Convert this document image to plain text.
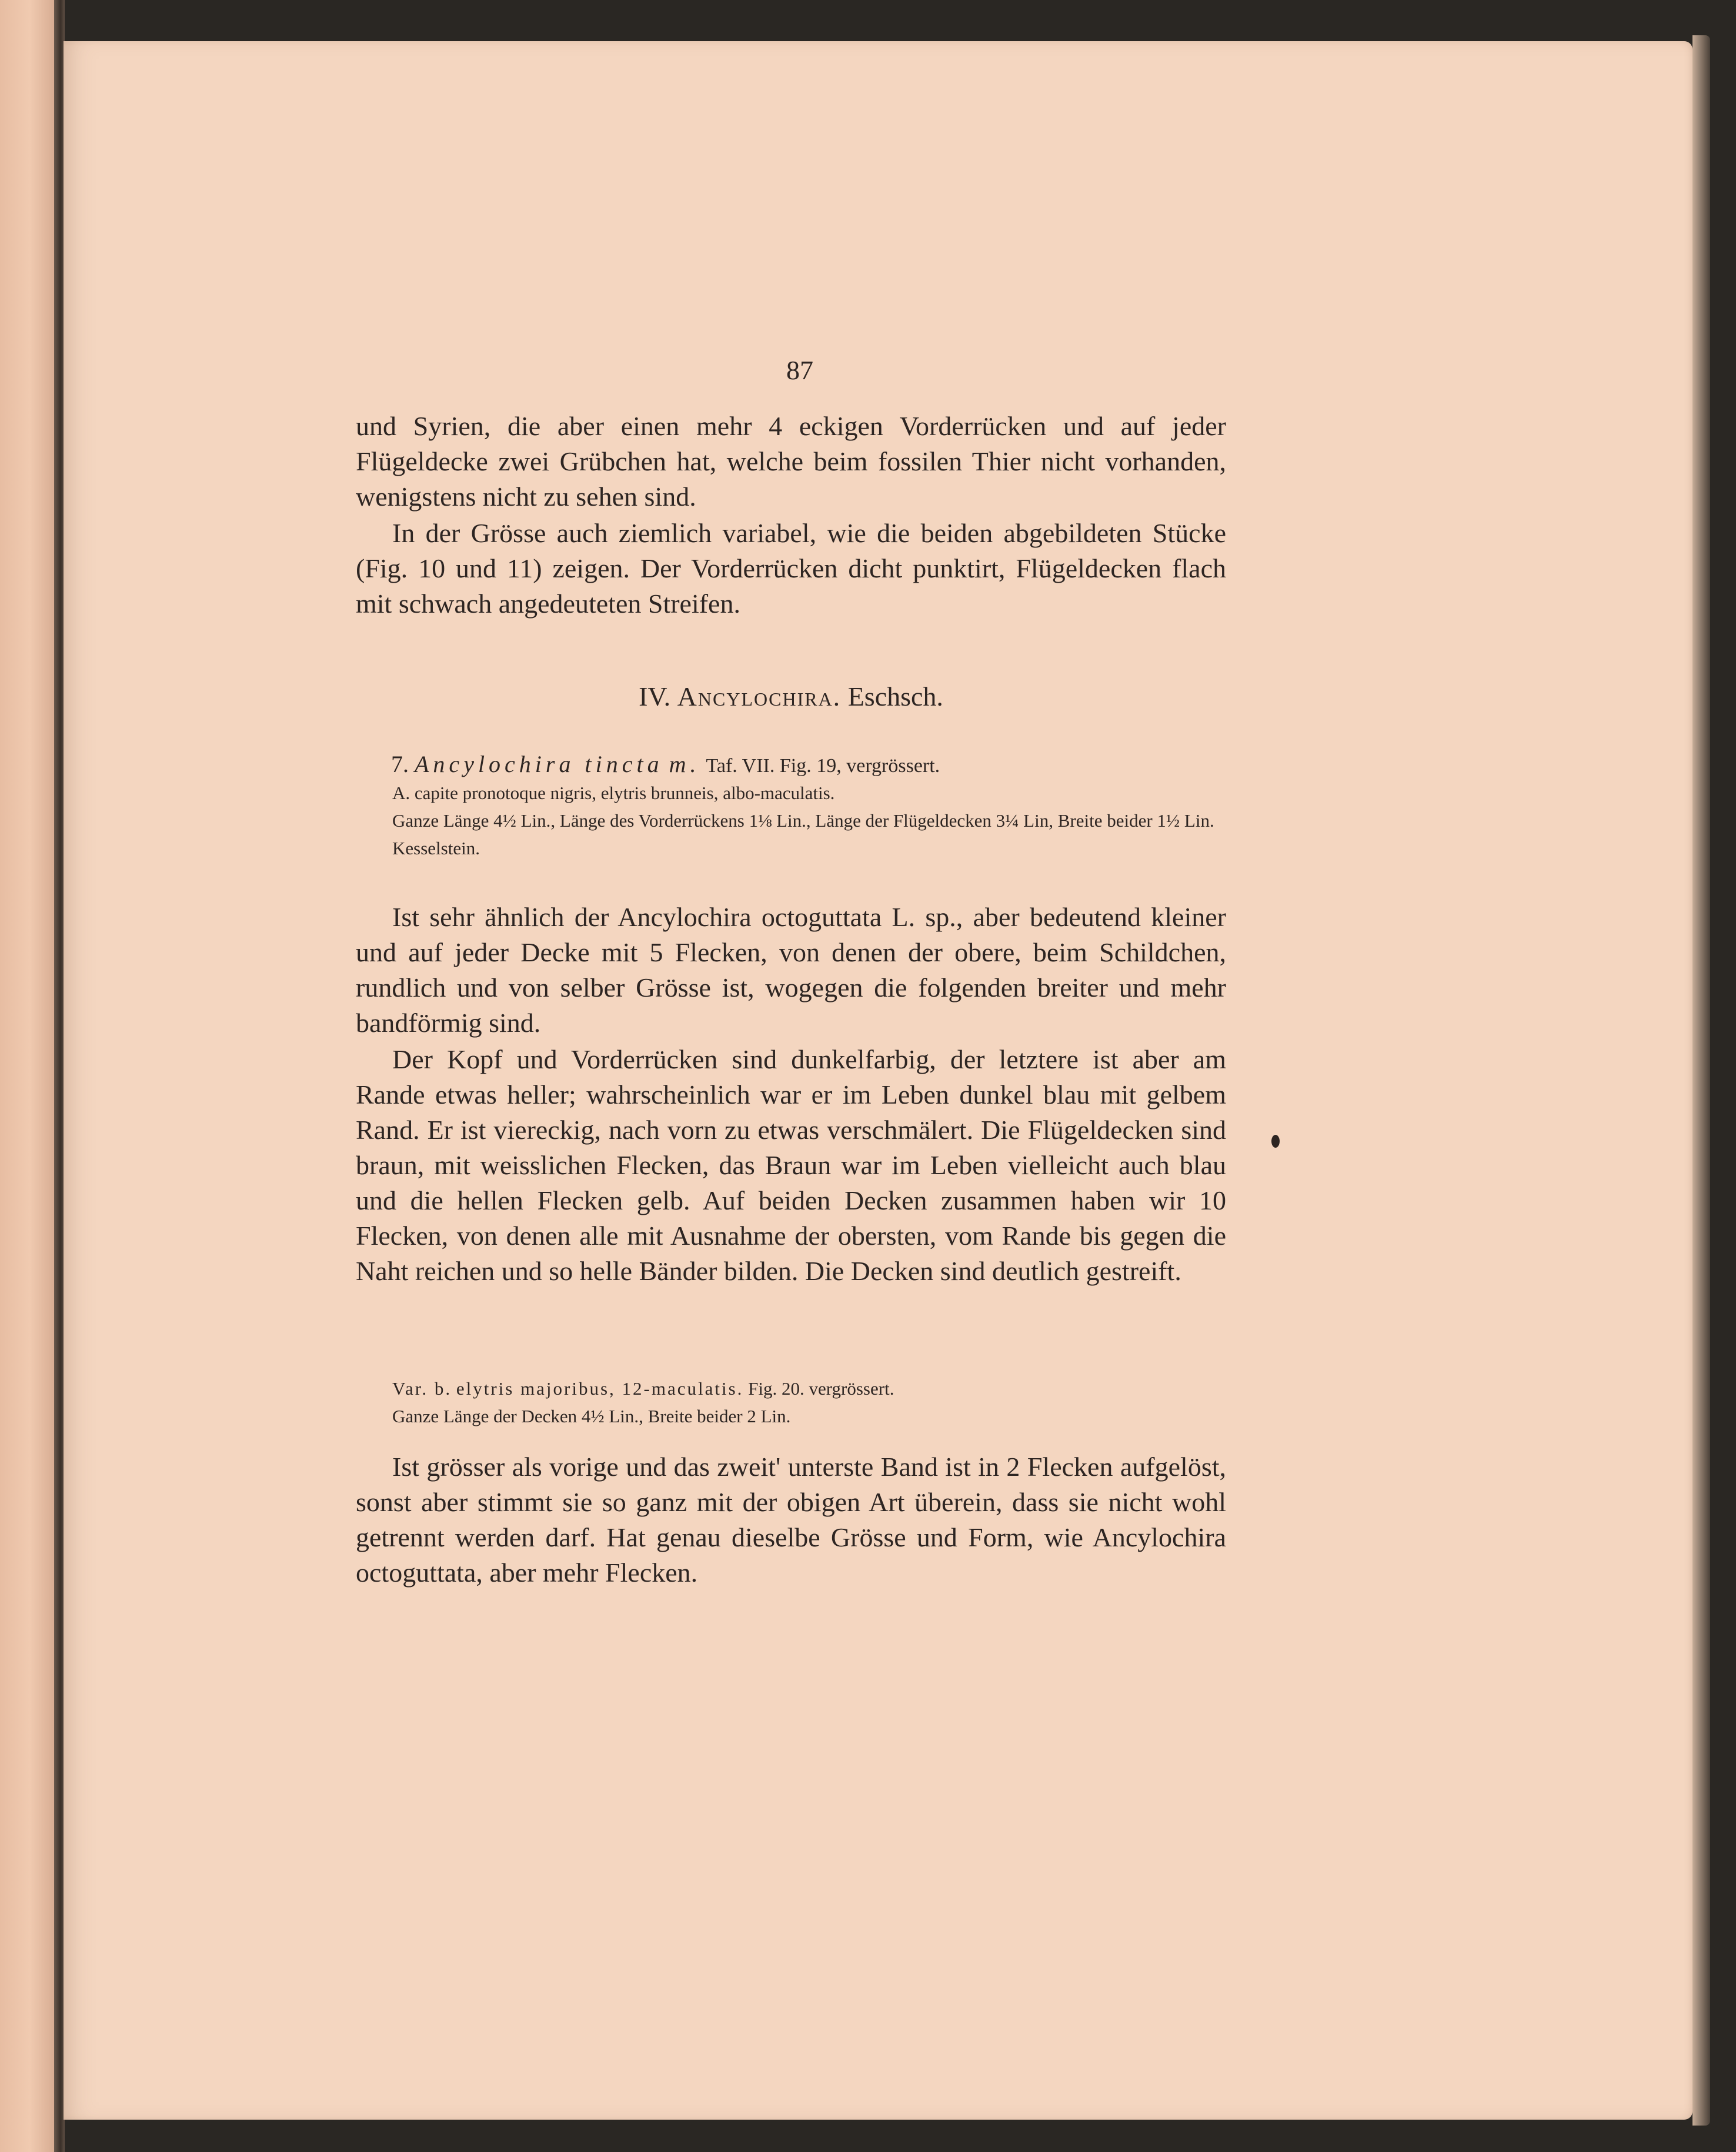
87

und Syrien, die aber einen mehr 4 eckigen Vorderrücken und auf jeder Flügeldecke zwei Grübchen hat, welche beim fossilen Thier nicht vorhanden, wenigstens nicht zu sehen sind.

In der Grösse auch ziemlich variabel, wie die beiden abgebildeten Stücke (Fig. 10 und 11) zeigen. Der Vorderrücken dicht punktirt, Flügeldecken flach mit schwach angedeuteten Streifen.

IV. Ancylochira. Eschsch.
7. Ancylochira tincta m. Taf. VII. Fig. 19, vergrössert.
A. capite pronotoque nigris, elytris brunneis, albo-maculatis.
Ganze Länge 4½ Lin., Länge des Vorderrückens 1⅛ Lin., Länge der Flügeldecken 3¼ Lin, Breite beider 1½ Lin.
Kesselstein.

Ist sehr ähnlich der Ancylochira octoguttata L. sp., aber bedeutend kleiner und auf jeder Decke mit 5 Flecken, von denen der obere, beim Schildchen, rundlich und von selber Grösse ist, wogegen die folgenden breiter und mehr bandförmig sind.

Der Kopf und Vorderrücken sind dunkelfarbig, der letztere ist aber am Rande etwas heller; wahrscheinlich war er im Leben dunkel blau mit gelbem Rand. Er ist viereckig, nach vorn zu etwas verschmälert. Die Flügeldecken sind braun, mit weisslichen Flecken, das Braun war im Leben vielleicht auch blau und die hellen Flecken gelb. Auf beiden Decken zusammen haben wir 10 Flecken, von denen alle mit Ausnahme der obersten, vom Rande bis gegen die Naht reichen und so helle Bänder bilden. Die Decken sind deutlich gestreift.

Var. b. elytris majoribus, 12-maculatis. Fig. 20. vergrössert.
Ganze Länge der Decken 4½ Lin., Breite beider 2 Lin.

Ist grösser als vorige und das zweit' unterste Band ist in 2 Flecken aufgelöst, sonst aber stimmt sie so ganz mit der obigen Art überein, dass sie nicht wohl getrennt werden darf. Hat genau dieselbe Grösse und Form, wie Ancylochira octoguttata, aber mehr Flecken.
